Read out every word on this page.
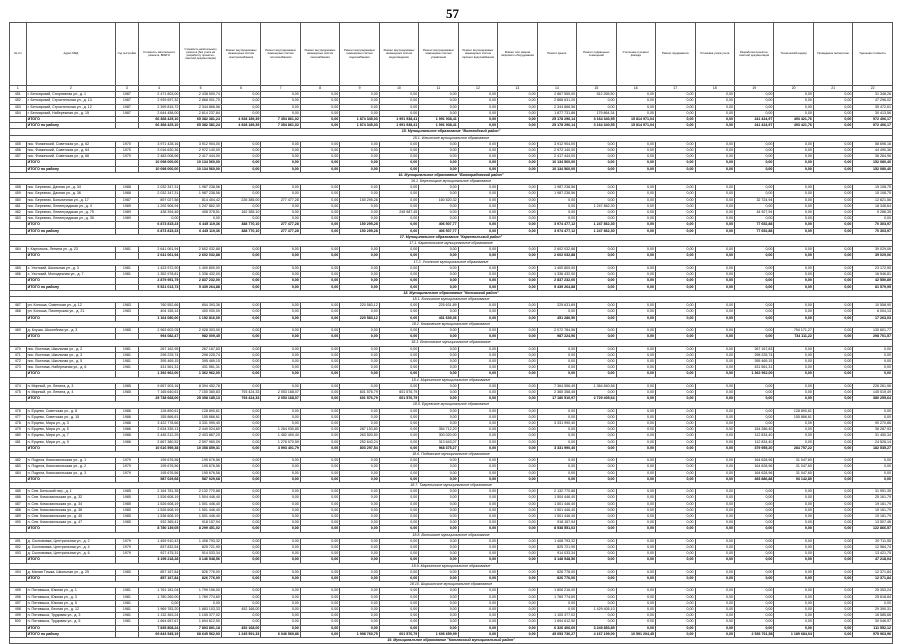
57
№ п/п	Адрес МКД	Год постройки	Стоимость капитального ремонта, ВСЕГО	Стоимость капитального ремонта (без учета на разработку проектно-сметной документации)	Ремонт внутридомовых инженерных систем электроснабжения	Ремонт внутридомовых инженерных систем теплоснабжения	Ремонт внутридомовых инженерных систем газоснабжения	Ремонт внутридомовых инженерных систем водоснабжения	Ремонт внутридомовых инженерных систем водоотведения	Ремонт внутридомовых инженерных систем управления	Ремонт внутридомовых инженерных систем горячего водоснабжения	Ремонт или замена лифтового оборудования	Ремонт крыши	Ремонт подвальных помещений	Утепление и ремонт фасада	Ремонт фундамента	Установка узлов учета	Разработка проектно-сметной документации	Технический надзор	Проведение экспертизы	Удельная стоимость
1	2	3	4	5	6	7	8	9	10	11	12	13	14	15	16	17	18	19	20	21	22
451	г. Белоярский, Спортивная ул., д. 1	1987	2 471 803,00	2 438 500,74	0,00	0,00	0,00	0,00	0,00	0,00	0,00	0,00	2 867 555,00	512 265,50	0,00	0,00	0,00	0,00	0,00	0,00	31 348,26
452	г. Белоярский, Строительная ул., д. 13	1987	2 939 697,32	2 868 001,70	0,00	0,00	0,00	0,00	0,00	0,00	0,00	0,00	2 868 631,20	0,00	0,00	0,00	0,00	0,00	0,00	0,00	47 296,02
453	г. Белоярский, Строительная ул., д. 12	1987	2 399 815,72	2 344 866,56	0,00	0,00	0,00	0,00	0,00	0,00	0,00	0,00	2 344 866,56	0,00	0,00	0,00	0,00	0,00	0,00	0,00	35 472,61
454	г. Белоярский, Набережная ул., д. 15	1987	2 644 458,00	2 614 237,84	0,00	0,00	0,00	0,00	0,00	0,00	0,00	0,00	1 877 731,86	179 864,34	0,00	0,00	0,00	0,00	0,00	0,00	30 413,56
	ИТОГО		66 368 425,10	65 382 381,24	4 928 189,39	7 354 861,02	0,00	1 874 345,03	1 991 938,41	1 991 938,41	0,00	0,00	25 178 296,14	3 164 340,55	15 814 971,04	0,00	0,00	241 424,97	493 421,76	0,00	972 406,17
	ИТОГО по району		66 368 425,10	65 382 381,24	4 928 189,39	7 354 861,02	0,00	1 874 345,03	1 991 938,41	1 991 938,41	0,00	0,00	25 178 296,14	3 164 340,55	15 814 971,04	0,00	0,00	241 424,97	493 421,76	0,00	972 406,17
15. Муниципальное образование "Вилегодский район"																					
15.1. Ильинское муниципальное образование																					
455	пос. Фоминский, Советская ул., д. 62	1970	3 971 428,16	3 912 904,00	0,00	0,00	0,00	0,00	0,00	0,00	0,00	0,00	3 912 904,00	0,00	0,00	0,00	0,00	0,00	0,00	0,00	58 696,16
456	пос. Фоминский, Советская ул., д. 64	1970	3 016 630,36	2 972 140,00	0,00	0,00	0,00	0,00	0,00	0,00	0,00	0,00	2 972 140,00	0,00	0,00	0,00	0,00	0,00	0,00	0,00	44 490,36
457	пос. Фоминский, Советская ул., д. 66	1970	2 483 008,96	2 417 444,00	0,00	0,00	0,00	0,00	0,00	0,00	0,00	0,00	2 417 444,00	0,00	0,00	0,00	0,00	0,00	0,00	0,00	36 264,96
	ИТОГО		10 098 000,00	10 134 560,00	0,00	0,00	0,00	0,00	0,00	0,00	0,00	0,00	10 134 560,00	0,00	0,00	0,00	0,00	0,00	0,00	0,00	152 080,40
	ИТОГО по району		10 098 000,00	10 134 560,00	0,00	0,00	0,00	0,00	0,00	0,00	0,00	0,00	10 134 560,00	0,00	0,00	0,00	0,00	0,00	0,00	0,00	152 080,40
16. Муниципальное образование "Виноградовский район"																					
16.1. Березницкое муниципальное образование																					
458	пос. Березник, Дачная ул., д. 34	1988	2 032 347,31	1 987 238,56	0,00	0,00	0,00	0,00	0,00	0,00	0,00	0,00	1 987 238,56	0,00	0,00	0,00	0,00	0,00	0,00	0,00	15 108,75
459	пос. Березник, Дачная ул., д. 36	1988	2 032 347,31	1 987 238,56	0,00	0,00	0,00	0,00	0,00	0,00	0,00	0,00	1 987 238,56	0,00	0,00	0,00	0,00	0,00	0,00	0,00	15 108,75
460	пос. Березник, Больничная ул., д. 17	1987	897 027,58	814 404,42	226 385,00	277 477,28	0,00	150 295,28	0,00	160 520,32	0,00	0,00	0,00	0,00	0,00	0,00	0,00	32 724,94	0,00	0,00	12 621,56
461	пос. Березник, Ленинградская ул., д. 4	1989	1 292 906,94	1 247 862,30	0,00	0,00	0,00	0,00	0,00	0,00	0,00	0,00	0,00	1 247 862,30	0,00	0,00	0,00	0,00	0,00	0,00	18 346,64
462	пос. Березник, Ленинградская ул., д. 75	1989	438 394,46	408 378,51	162 385,10	0,00	0,00	0,00	245 987,45	0,00	0,00	0,00	0,00	0,00	0,00	0,00	0,00	44 927,94	0,00	0,00	5 286,35
463	пос. Березник, Ленинградская ул., д. 35	1989	0,00	0,00	0,00	0,00	0,00	0,00	0,00	0,00	0,00	0,00	0,00	0,00	0,00	0,00	0,00	0,00	0,00	0,00	0,00
	ИТОГО		6 873 815,23	6 445 119,36	388 770,10	277 477,28	0,00	150 295,28	0,00	406 507,77	0,00	0,00	3 974 477,12	1 247 862,30	0,00	0,00	0,00	77 652,88	0,00	0,00	70 303,97
	ИТОГО по району		6 873 815,23	6 445 119,36	388 770,10	277 477,28	0,00	150 295,28	0,00	406 507,77	0,00	0,00	3 974 477,12	1 247 862,30	0,00	0,00	0,00	77 652,88	0,00	0,00	70 303,97
17. Муниципальное образование "Каргопольский район"																					
17.1. Каргопольское муниципальное образование																					
464	г. Каргополь, Ленина ул., д. 23	1981	2 641 061,94	2 602 032,88	0,00	0,00	0,00	0,00	0,00	0,00	0,00	0,00	2 602 032,88	0,00	0,00	0,00	0,00	0,00	0,00	0,00	39 029,06
	ИТОГО		2 641 061,94	2 602 032,88	0,00	0,00	0,00	0,00	0,00	0,00	0,00	0,00	2 602 032,88	0,00	0,00	0,00	0,00	0,00	0,00	0,00	39 029,06
17.2. Ухотское муниципальное образование																					
465	с. Ухотский, Школьная ул., д. 3	1981	1 423 972,90	1 400 800,00	0,00	0,00	0,00	0,00	0,00	0,00	0,00	0,00	1 400 800,00	0,00	0,00	0,00	0,00	0,00	0,00	0,00	23 172,90
466	с. Ухотский, Молодежная ул., д. 7	1981	1 352 978,81	1 336 432,00	0,00	0,00	0,00	0,00	0,00	0,00	0,00	0,00	1 336 432,00	0,00	0,00	0,00	0,00	0,00	0,00	0,00	16 546,81
	ИТОГО		2 879 951,79	2 837 232,00	0,00	0,00	0,00	0,00	0,00	0,00	0,00	0,00	2 837 232,00	0,00	0,00	0,00	0,00	0,00	0,00	0,00	42 550,89
	ИТОГО по району		5 521 013,73	5 439 264,88	0,00	0,00	0,00	0,00	0,00	0,00	0,00	0,00	5 439 264,88	0,00	0,00	0,00	0,00	0,00	0,00	0,00	81 579,95
18. Муниципальное образование "Коношский район"																					
18.1. Коношское муниципальное образование																					
467	рп. Коноша, Советская ул., д. 12	1983	760 552,66	654 393,36	0,00	0,00	0,00	220 583,12	0,00	225 631,89	0,00	0,00	225 631,89	0,00	0,00	0,00	0,00	0,00	0,00	0,00	10 558,90
468	рп. Коноша, Пионерская ул., д. 21	1983	404 155,14	400 000,00	0,00	0,00	0,00	0,00	0,00	0,00	0,00	0,00	0,00	0,00	0,00	0,00	0,00	0,00	0,00	0,00	6 004,13
	ИТОГО		1 164 080,00	1 152 816,00	0,00	0,00	0,00	220 583,12	0,00	431 639,36	0,00	0,00	451 286,50	0,00	0,00	0,00	0,00	0,00	0,00	0,00	17 263,03
18.2. Климовское муниципальное образование																					
469	д. Клуши, Шоссейная ул., д. 3	1985	2 963 602,05	2 928 303,00	0,00	0,00	0,00	0,00	0,00	0,00	0,00	0,00	2 072 784,56	0,00	0,00	0,00	0,00	0,00	754 171,27	0,00	135 601,77
	ИТОГО		994 082,47	982 009,45	0,00	0,00	0,00	0,00	0,00	0,00	0,00	0,00	987 224,96	0,00	0,00	0,00	0,00	0,00	734 111,22	0,00	298 701,57
18.3. Вохтомское муниципальное образование																					
470	пос. Вохтома, Школьная ул., д. 2	1981	267 162,95	267 167,83	0,00	0,00	0,00	0,00	0,00	0,00	0,00	0,00	0,00	0,00	0,00	0,00	0,00	267 167,83	0,00	0,00	0,00
471	пос. Вохтома, Школьная ул., д. 3	1981	298 225,74	298 225,74	0,00	0,00	0,00	0,00	0,00	0,00	0,00	0,00	0,00	0,00	0,00	0,00	0,00	298 225,74	0,00	0,00	0,00
472	пос. Вохтома, Школьная ул., д. 5	1981	395 469,15	395 469,15	0,00	0,00	0,00	0,00	0,00	0,00	0,00	0,00	0,00	0,00	0,00	0,00	0,00	395 469,15	0,00	0,00	0,00
473	пос. Вохтома, Набережная ул., д. 6	1981	431 561,31	431 561,31	0,00	0,00	0,00	0,00	0,00	0,00	0,00	0,00	0,00	0,00	0,00	0,00	0,00	431 561,31	0,00	0,00	0,00
	ИТОГО		1 392 962,00	1 362 962,00	0,00	0,00	0,00	0,00	0,00	0,00	0,00	0,00	0,00	0,00	0,00	0,00	0,00	1 362 962,00	0,00	0,00	0,00
18.4. Мирнинское муниципальное образование																					
474	п. Мирный, ул. Ленина, д. 3	1985	9 657 903,16	8 394 452,78	0,00	0,00	0,00	0,00	0,00	0,00	0,00	0,00	7 364 556,49	1 364 840,56	0,00	0,00	0,00	0,00	0,00	0,00	228 261,56
475	п. Мирный, ул. Ленина, д. 4	1985	7 165 640,61	7 150 380,83	793 424,33	2 053 168,07	0,00	601 576,79	601 576,79	0,00	0,00	0,00	2 365 358,45	0,00	0,00	0,00	0,00	0,00	0,00	0,00	145 019,49
	ИТОГО		25 738 668,00	25 358 185,13	793 424,33	2 053 168,07	0,00	601 576,79	601 576,79	0,00	0,00	0,00	17 180 510,97	2 729 405,64	0,00	0,00	0,00	0,00	0,00	0,00	380 255,64
18.5. Ерцевское муниципальное образование																					
476	п. Ерцево, Советская ул., д. 8	1986	128 890,61	128 890,61	0,00	0,00	0,00	0,00	0,00	0,00	0,00	0,00	0,00	0,00	0,00	0,00	0,00	0,00	128 890,61	0,00	0,00
477	п. Ерцево, Советская ул., д. 15	1986	155 866,61	155 866,61	0,00	0,00	0,00	0,00	0,00	0,00	0,00	0,00	0,00	0,00	0,00	0,00	0,00	0,00	155 866,61	0,00	0,00
478	п. Ерцево, Мира ул., д. 3	1986	3 422 778,66	3 331 990,40	0,00	0,00	0,00	0,00	0,00	0,00	0,00	0,00	3 331 990,40	0,00	0,00	0,00	0,00	0,00	0,00	0,00	90 270,86
479	п. Ерцево, Мира ул., д. 5	1986	2 634 335,13	2 440 024,60	0,00	1 264 930,80	0,00	287 153,80	0,00	354 712,20	0,00	0,00	0,00	0,00	0,00	0,00	0,00	154 286,40	0,00	0,00	36 287,93
480	п. Ерцево, Мира ул., д. 7	1986	2 445 212,25	2 403 867,20	0,00	1 452 400,40	0,00	263 500,50	0,00	300 020,00	0,00	0,00	0,00	0,00	0,00	0,00	0,00	112 834,40	0,00	0,00	31 450,34
481	п. Ерцево, Мира ул., д. 9	1986	2 667 380,52	2 597 960,09	0,00	1 276 070,59	0,00	252 643,24	0,00	313 643,07	0,00	0,00	0,00	0,00	0,00	0,00	0,00	112 834,40	0,00	0,00	24 526,14
	ИТОГО		10 616 595,38	10 358 859,31	0,00	3 993 401,79	0,00	803 297,54	0,00	968 375,27	0,00	0,00	3 331 990,40	0,00	0,00	0,00	0,00	379 955,20	284 757,22	0,00	182 535,27
18.6. Подюжское муниципальное образование																					
482	п. Подюга, Комсомольская ул., д. 1	1979	195 676,56	195 676,56	0,00	0,00	0,00	0,00	0,00	0,00	0,00	0,00	0,00	0,00	0,00	0,00	0,00	164 628,96	31 047,60	0,00	0,00
483	п. Подюга, Комсомольская ул., д. 2	1979	195 676,56	195 676,56	0,00	0,00	0,00	0,00	0,00	0,00	0,00	0,00	0,00	0,00	0,00	0,00	0,00	164 628,96	31 047,60	0,00	0,00
484	п. Подюга, Комсомольская ул., д. 3	1979	195 676,56	195 676,56	0,00	0,00	0,00	0,00	0,00	0,00	0,00	0,00	0,00	0,00	0,00	0,00	0,00	164 628,96	31 047,60	0,00	0,00
	ИТОГО		587 029,68	587 029,68	0,00	0,00	0,00	0,00	0,00	0,00	0,00	0,00	0,00	0,00	0,00	0,00	0,00	493 886,88	93 142,80	0,00	0,00
18.7. Тавреньгское муниципальное образование																					
485	п. Сев. Бельский пер., д. 1	1985	2 164 781,35	2 132 770,88	0,00	0,00	0,00	0,00	0,00	0,00	0,00	0,00	2 132 770,88	0,00	0,00	0,00	0,00	0,00	0,00	0,00	31 951,35
486	п. Сев. Комсомольская ул., д. 32	1985	1 526 608,19	1 504 446,40	0,00	0,00	0,00	0,00	0,00	0,00	0,00	0,00	1 504 446,40	0,00	0,00	0,00	0,00	0,00	0,00	0,00	25 161,79
487	п. Сев. Комсомольская ул., д. 34	1985	1 526 608,19	1 501 446,40	0,00	0,00	0,00	0,00	0,00	0,00	0,00	0,00	1 501 446,40	0,00	0,00	0,00	0,00	0,00	0,00	0,00	19 161,79
488	п. Сев. Комсомольская ул., д. 36	1985	1 526 608,19	1 501 446,40	0,00	0,00	0,00	0,00	0,00	0,00	0,00	0,00	1 501 446,40	0,00	0,00	0,00	0,00	0,00	0,00	0,00	19 161,79
489	п. Сев. Комсомольская ул., д. 40	1985	1 536 608,19	1 501 446,40	0,00	0,00	0,00	0,00	0,00	0,00	0,00	0,00	1 501 446,40	0,00	0,00	0,00	0,00	0,00	0,00	0,00	19 161,79
490	п. Сев. Комсомольская ул., д. 47	1985	932 365,41	918 157,94	0,00	0,00	0,00	0,00	0,00	0,00	0,00	0,00	918 157,94	0,00	0,00	0,00	0,00	0,00	0,00	0,00	13 507,46
	ИТОГО		8 780 139,05	8 299 451,02	0,00	0,00	0,00	0,00	0,00	0,00	0,00	0,00	8 538 551,02	0,00	0,00	0,00	0,00	0,00	0,00	0,00	122 866,57
18.8. Волошское муниципальное образование																					
491	д. Соснововка, Центральная ул., д. 2	1979	1 459 910,43	1 408 793,32	0,00	0,00	0,00	0,00	0,00	0,00	0,00	0,00	1 408 793,32	0,00	0,00	0,00	0,00	0,00	0,00	0,00	20 711,55
492	д. Соснововка, Центральная ул., д. 4	1979	837 832,54	825 721,90	0,00	0,00	0,00	0,00	0,00	0,00	0,00	0,00	825 721,90	0,00	0,00	0,00	0,00	0,00	0,00	0,00	12 984,74
493	д. Соснововка, Центральная ул., д. 6	1979	927 475,31	914 033,34	0,00	0,00	0,00	0,00	0,00	0,00	0,00	0,00	914 033,34	0,00	0,00	0,00	0,00	0,00	0,00	0,00	13 421,75
	ИТОГО		3 195 218,28	3 146 548,56	0,00	0,00	0,00	0,00	0,00	0,00	0,00	0,00	3 148 548,56	0,00	0,00	0,00	0,00	0,00	0,00	0,00	47 218,04
18.9. Мирнинское муниципальное образование																					
494	д. Малая Тишка, Школьная ул., д. 25	1980	857 167,84	826 776,00	0,00	0,00	0,00	0,00	0,00	0,00	0,00	0,00	826 776,00	0,00	0,00	0,00	0,00	0,00	0,00	0,00	12 371,84
	ИТОГО		857 167,84	826 776,00	0,00	0,00	0,00	0,00	0,00	0,00	0,00	0,00	826 776,00	0,00	0,00	0,00	0,00	0,00	0,00	0,00	12 371,84
18.10. Ширшинское муниципальное образование																					
495	п. Пятиюшка, Южная ул., д. 1	1981	1 761 181,04	1 799 156,00	0,00	0,00	0,00	0,00	0,00	0,00	0,00	0,00	1 806 216,00	0,00	0,00	0,00	0,00	0,00	0,00	0,00	25 353,24
496	п. Пятиюшка, Южная ул., д. 3	1981	1 780 260,00	1 769 774,60	0,00	0,00	0,00	0,00	0,00	0,00	0,00	0,00	1 769 774,60	0,00	0,00	0,00	0,00	0,00	0,00	0,00	25 618,84
497	п. Пятиюшка, Южная ул., д. 5	1981	0,00	0,00	0,00	0,00	0,00	0,00	0,00	0,00	0,00	0,00	0,00	0,00	0,00	0,00	0,00	0,00	0,00	0,00	0,00
498	п. Пятиюшка, Лесная ул., д. 12	1981	1 969 783,20	1 883 103,33	452 168,00	0,00	0,00	0,00	0,00	0,00	0,00	0,00	0,00	1 429 405,10	0,00	0,00	0,00	0,00	0,00	0,00	29 390,31
499	п. Пятиюшка, Трудовая ул., д. 3	1981	1 132 363,24	1 105 377,02	0,00	0,00	0,00	0,00	0,00	0,00	0,00	0,00	1 105 377,02	0,00	0,00	0,00	0,00	0,00	0,00	0,00	16 585,66
500	п. Пятиюшка, Трудовая ул., д. 5	1981	1 664 657,67	1 694 612,50	0,00	0,00	0,00	0,00	0,00	0,00	0,00	0,00	1 694 612,50	0,00	0,00	0,00	0,00	0,00	0,00	0,00	30 046,97
	ИТОГО		7 835 808,24	7 803 891,18	452 168,00	0,00	0,00	0,00	0,00	0,00	0,00	0,00	6 326 406,60	3 249 853,85	0,00	0,00	0,00	0,00	0,00	0,00	111 552,12
	ИТОГО по району		69 843 545,19	68 645 562,93	1 245 591,33	6 046 569,86	0,00	1 998 760,75	601 576,79	1 696 659,99	0,00	0,00	45 053 736,27	4 167 199,00	10 591 204,45	0,00	0,00	2 536 761,58	1 189 684,04	0,00	975 963,96
19. Муниципальное образование "Котласский муниципальный район"																					
